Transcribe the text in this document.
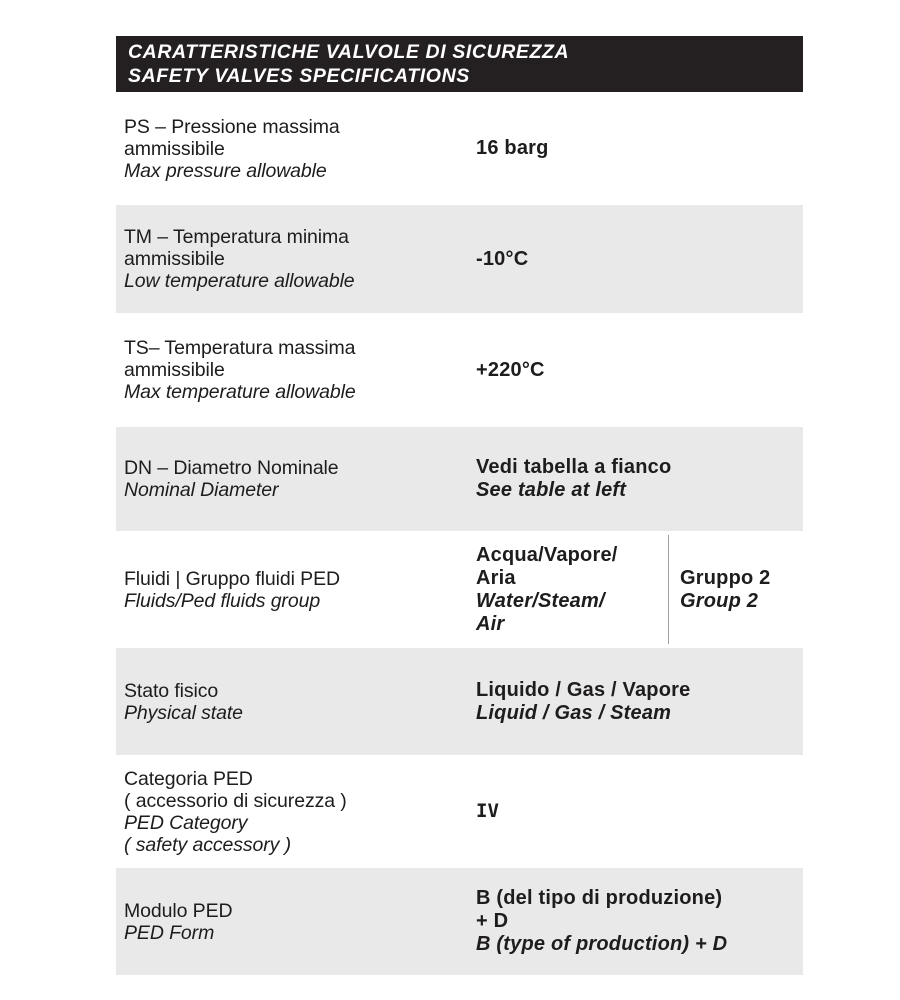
CARATTERISTICHE VALVOLE DI SICUREZZA
SAFETY VALVES SPECIFICATIONS
PS – Pressione massima
ammissibile
Max pressure allowable
16 barg
TM – Temperatura minima
ammissibile
Low temperature allowable
-10°C
TS– Temperatura massima
ammissibile
Max temperature allowable
+220°C
DN – Diametro Nominale
Nominal Diameter
Vedi tabella a fianco
See table at left
Fluidi | Gruppo fluidi PED
Fluids/Ped fluids group
Acqua/Vapore/
Aria
Water/Steam/
Air
Gruppo 2
Group 2
Stato fisico
Physical state
Liquido / Gas / Vapore
Liquid / Gas / Steam
Categoria PED
( accessorio di sicurezza )
PED Category
( safety accessory )
IV
Modulo PED
PED Form
B (del tipo di produzione)
+ D
B (type of production) + D
